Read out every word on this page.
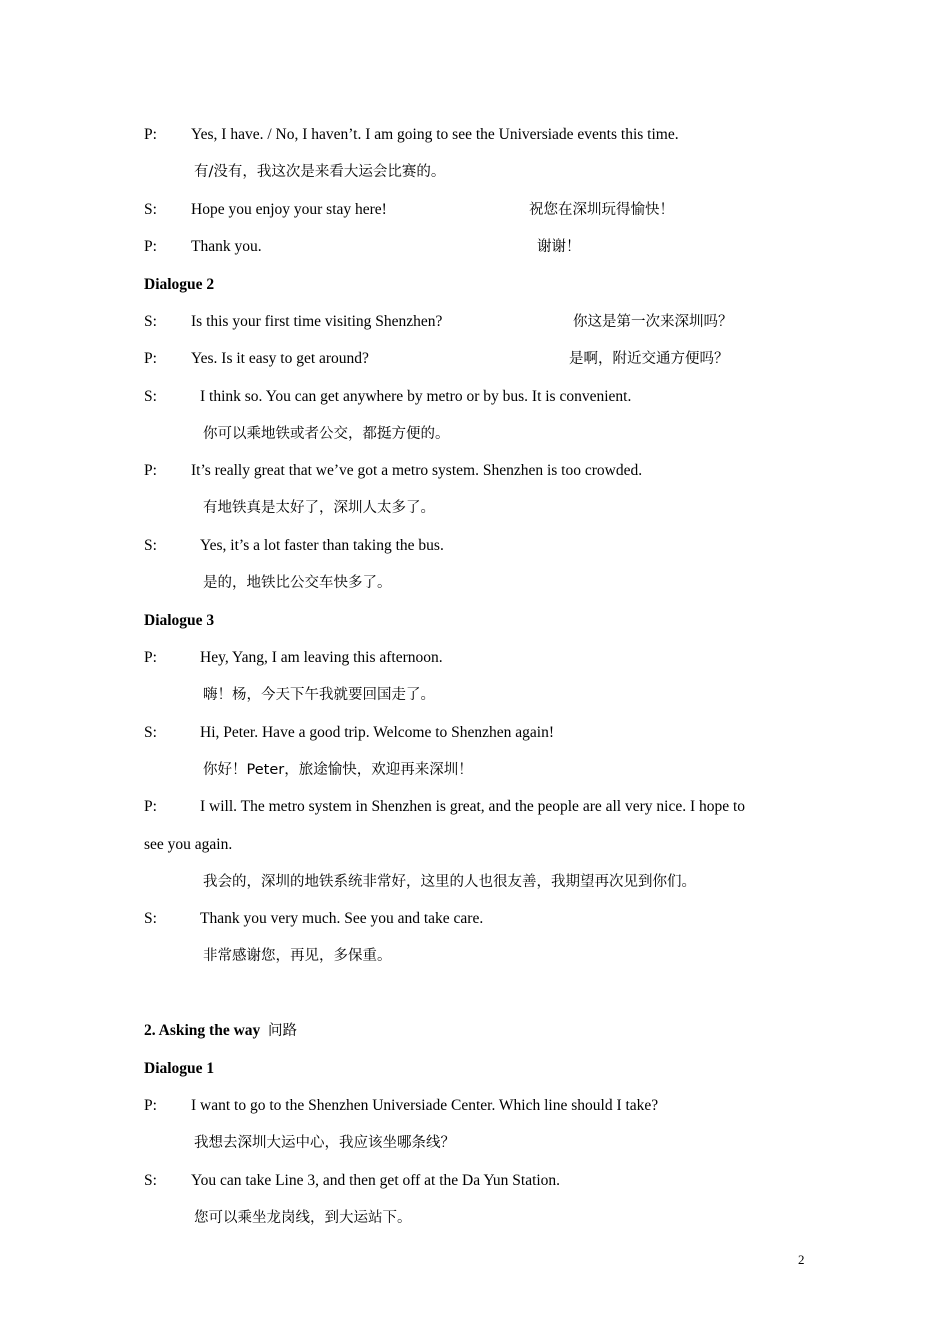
P: Yes, I have. / No, I haven’t. I am going to see the Universiade events this time.
有/没有，我这次是来看大运会比赛的。
S: Hope you enjoy your stay here!	祝您在深圳玩得愉快！
P: Thank you.	谢谢！
Dialogue 2
S: Is this your first time visiting Shenzhen?	你这是第一次来深圳吗？
P: Yes. Is it easy to get around?	是啊，附近交通方便吗？
S:	I think so. You can get anywhere by metro or by bus. It is convenient.
你可以乘地铁或者公交，都挺方便的。
P: It’s really great that we’ve got a metro system. Shenzhen is too crowded.
有地铁真是太好了，深圳人太多了。
S:	Yes, it’s a lot faster than taking the bus.
是的，地铁比公交车快多了。
Dialogue 3
P:	Hey, Yang, I am leaving this afternoon.
嗨！杨，今天下午我就要回国走了。
S:	Hi, Peter. Have a good trip. Welcome to Shenzhen again!
你好！Peter，旅途愉快，欢迎再来深圳！
P:	I will. The metro system in Shenzhen is great, and the people are all very nice. I hope to
see you again.
我会的，深圳的地铁系统非常好，这里的人也很友善，我期望再次见到你们。
S:	Thank you very much. See you and take care.
非常感谢您，再见，多保重。
2. Asking the way 问路
Dialogue 1
P: I want to go to the Shenzhen Universiade Center. Which line should I take?
我想去深圳大运中心，我应该坐哪条线？
S: You can take Line 3, and then get off at the Da Yun Station.
您可以乘坐龙岗线，到大运站下。
2
